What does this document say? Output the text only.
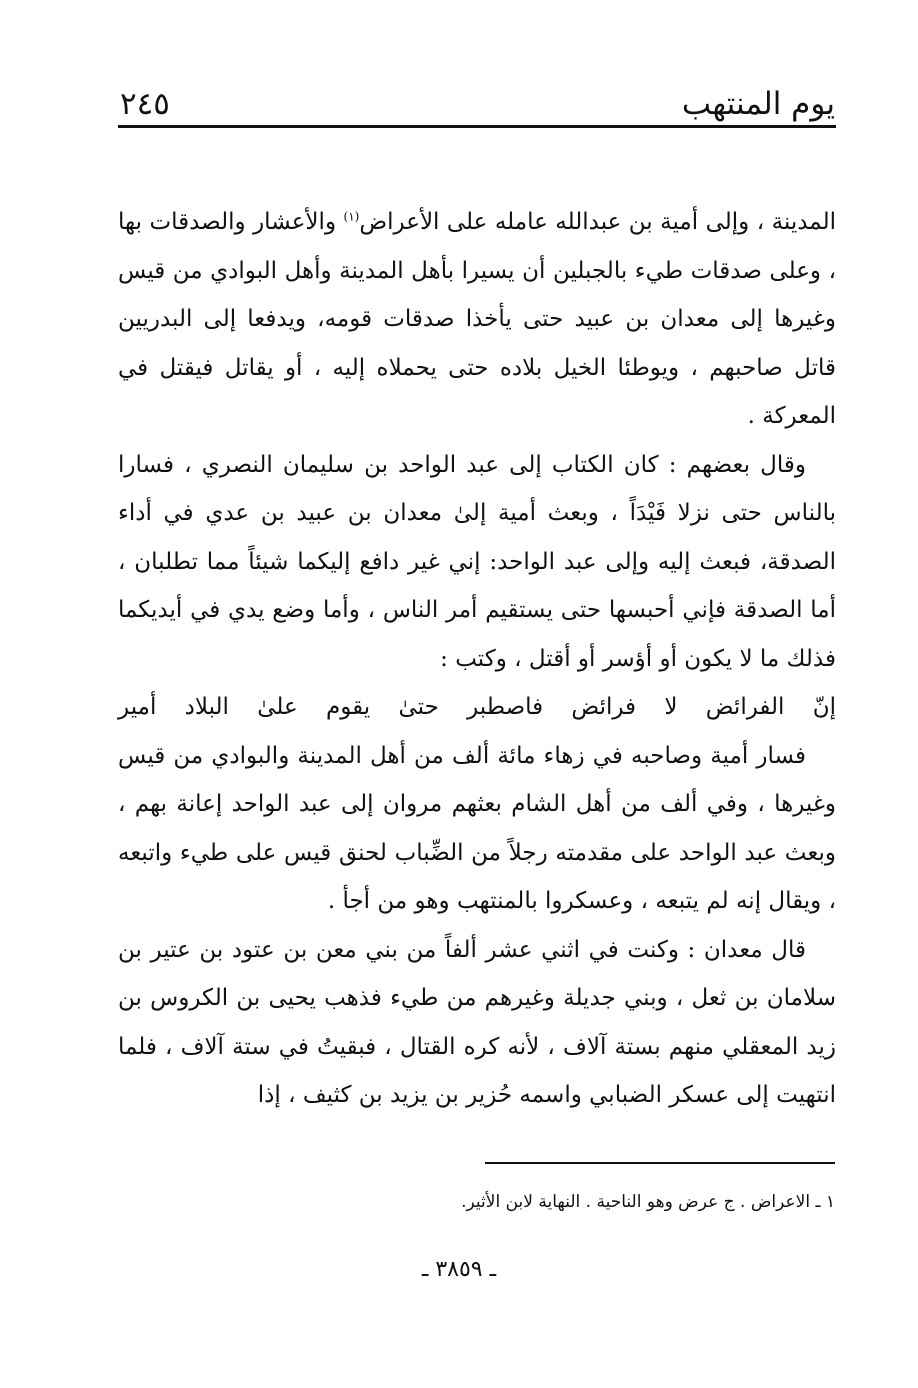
يوم المنتهب
٢٤٥

المدينة ، وإلى أمية بن عبدالله عامله على الأعراض$^{(١)}$ والأعشار والصدقات بها ، وعلى صدقات طيء بالجبلين أن يسيرا بأهل المدينة وأهل البوادي من قيس وغيرها إلى معدان بن عبيد حتى يأخذا صدقات قومه، ويدفعا إلى البدريين قاتل صاحبهم ، ويوطئا الخيل بلاده حتى يحملاه إليه ، أو يقاتل فيقتل في المعركة .

وقال بعضهم : كان الكتاب إلى عبد الواحد بن سليمان النصري ، فسارا بالناس حتى نزلا فَيْدَاً ، وبعث أمية إلىٰ معدان بن عبيد بن عدي في أداء الصدقة، فبعث إليه وإلى عبد الواحد: إني غير دافع إليكما شيئاً مما تطلبان ، أما الصدقة فإني أحبسها حتى يستقيم أمر الناس ، وأما وضع يدي في أيديكما فذلك ما لا يكون أو أؤسر أو أقتل ، وكتب :

إنّ الفرائض لا فرائض فاصطبر حتىٰ يقوم علىٰ البلاد أمير

فسار أمية وصاحبه في زهاء مائة ألف من أهل المدينة والبوادي من قيس وغيرها ، وفي ألف من أهل الشام بعثهم مروان إلى عبد الواحد إعانة بهم ، وبعث عبد الواحد على مقدمته رجلاً من الضِّباب لحنق قيس على طيء واتبعه ، ويقال إنه لم يتبعه ، وعسكروا بالمنتهب وهو من أجأ .

قال معدان : وكنت في اثني عشر ألفاً من بني معن بن عتود بن عتير بن سلامان بن ثعل ، وبني جديلة وغيرهم من طيء فذهب يحيى بن الكروس بن زيد المعقلي منهم بستة آلاف ، لأنه كره القتال ، فبقيتُ في ستة آلاف ، فلما انتهيت إلى عسكر الضبابي واسمه حُزير بن يزيد بن كثيف ، إذا

١ ـ الاعراض . ج عرض وهو الناحية . النهاية لابن الأثير.
ـ ٣٨٥٩ ـ
